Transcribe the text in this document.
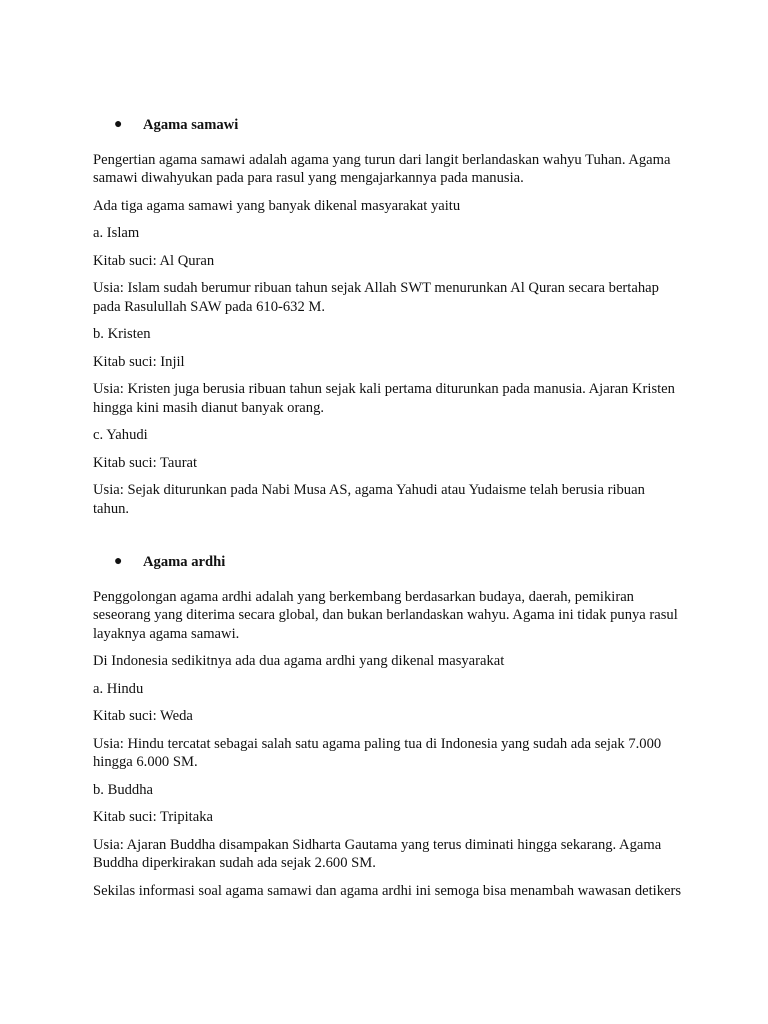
● Agama samawi

Pengertian agama samawi adalah agama yang turun dari langit berlandaskan wahyu Tuhan. Agama samawi diwahyukan pada para rasul yang mengajarkannya pada manusia.

Ada tiga agama samawi yang banyak dikenal masyarakat yaitu

a. Islam

Kitab suci: Al Quran

Usia: Islam sudah berumur ribuan tahun sejak Allah SWT menurunkan Al Quran secara bertahap pada Rasulullah SAW pada 610-632 M.

b. Kristen

Kitab suci: Injil

Usia: Kristen juga berusia ribuan tahun sejak kali pertama diturunkan pada manusia. Ajaran Kristen hingga kini masih dianut banyak orang.

c. Yahudi

Kitab suci: Taurat

Usia: Sejak diturunkan pada Nabi Musa AS, agama Yahudi atau Yudaisme telah berusia ribuan tahun.

● Agama ardhi

Penggolongan agama ardhi adalah yang berkembang berdasarkan budaya, daerah, pemikiran seseorang yang diterima secara global, dan bukan berlandaskan wahyu. Agama ini tidak punya rasul layaknya agama samawi.

Di Indonesia sedikitnya ada dua agama ardhi yang dikenal masyarakat

a. Hindu

Kitab suci: Weda

Usia: Hindu tercatat sebagai salah satu agama paling tua di Indonesia yang sudah ada sejak 7.000 hingga 6.000 SM.

b. Buddha

Kitab suci: Tripitaka

Usia: Ajaran Buddha disampakan Sidharta Gautama yang terus diminati hingga sekarang. Agama Buddha diperkirakan sudah ada sejak 2.600 SM.

Sekilas informasi soal agama samawi dan agama ardhi ini semoga bisa menambah wawasan detikers
